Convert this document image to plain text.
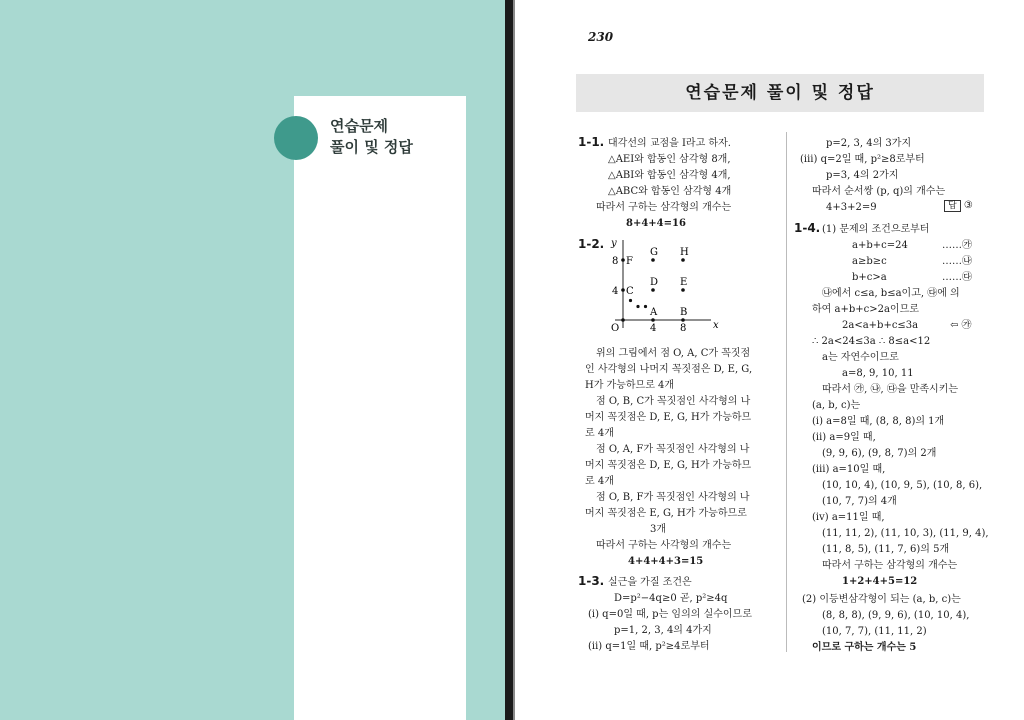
연습문제
풀이 및 정답
230
연습문제 풀이 및 정답
1-1. 대각선의 교점을 I라고 하자.
△AEI와 합동인 삼각형 8개,
△ABI와 합동인 삼각형 4개,
△ABC와 합동인 삼각형 4개
따라서 구하는 삼각형의 개수는
8+4+4=16
1-2.
위의 그림에서 점 O, A, C가 꼭짓점
인 사각형의 나머지 꼭짓점은 D, E, G,
H가 가능하므로 4개
점 O, B, C가 꼭짓점인 사각형의 나
머지 꼭짓점은 D, E, G, H가 가능하므
로 4개
점 O, A, F가 꼭짓점인 사각형의 나
머지 꼭짓점은 D, E, G, H가 가능하므
로 4개
점 O, B, F가 꼭짓점인 사각형의 나
머지 꼭짓점은 E, G, H가 가능하므로
3개
따라서 구하는 사각형의 개수는
4+4+4+3=15
1-3. 실근을 가질 조건은
D=p²−4q≥0 곧, p²≥4q
(ⅰ) q=0일 때, p는 임의의 실수이므로
p=1, 2, 3, 4의 4가지
(ⅱ) q=1일 때, p²≥4로부터
p=2, 3, 4의 3가지
(ⅲ) q=2일 때, p²≥8로부터
p=3, 4의 2가지
따라서 순서쌍 (p, q)의 개수는
4+3+2=9
1-4. (1) 문제의 조건으로부터
a+b+c=24	……㉮
a≥b≥c	……㉯
b+c>a	……㉰
㉯에서 c≤a, b≤a이고, ㉰에 의
하여 a+b+c>2a이므로
2a<a+b+c≤3a	⇦ ㉮
∴ 2a<24≤3a ∴ 8≤a<12
a는 자연수이므로
a=8, 9, 10, 11
따라서 ㉮, ㉯, ㉰을 만족시키는
(a, b, c)는
(ⅰ) a=8일 때, (8, 8, 8)의 1개
(ⅱ) a=9일 때,
(9, 9, 6), (9, 8, 7)의 2개
(ⅲ) a=10일 때,
(10, 10, 4), (10, 9, 5), (10, 8, 6),
(10, 7, 7)의 4개
(ⅳ) a=11일 때,
(11, 11, 2), (11, 10, 3), (11, 9, 4),
(11, 8, 5), (11, 7, 6)의 5개
따라서 구하는 삼각형의 개수는
1+2+4+5=12
(2) 이등변삼각형이 되는 (a, b, c)는
(8, 8, 8), (9, 9, 6), (10, 10, 4),
(10, 7, 7), (11, 11, 2)
이므로 구하는 개수는 5
답 ③
x
y
4 8
4
8
G H
D E
C
F
A B
O
